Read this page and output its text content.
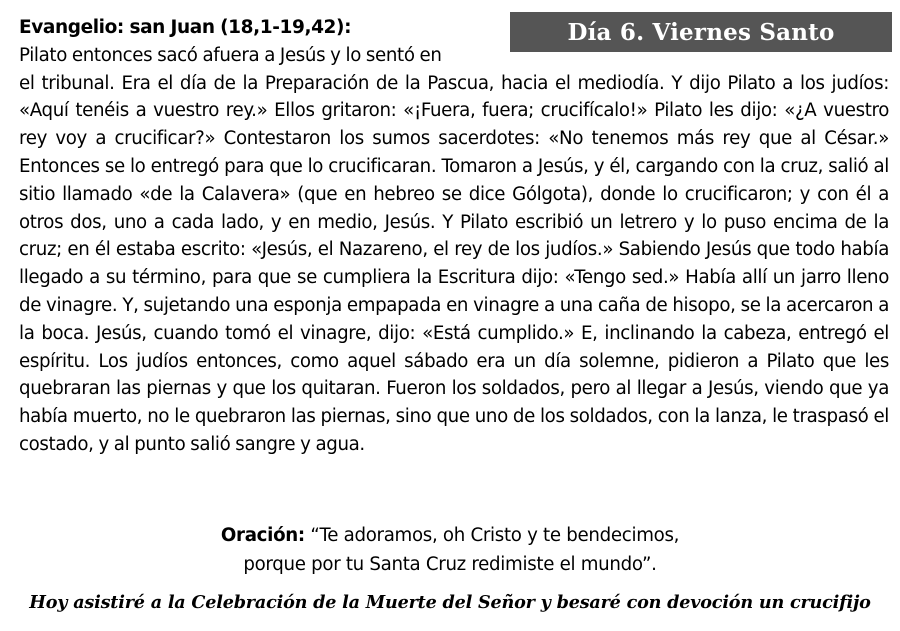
Día 6. Viernes Santo
Evangelio: san Juan (18,1-19,42):
Pilato entonces sacó afuera a Jesús y lo sentó en
el tribunal. Era el día de la Preparación de la Pascua, hacia el mediodía. Y dijo Pilato a los judíos: «Aquí tenéis a vuestro rey.» Ellos gritaron: «¡Fuera, fuera; crucifícalo!» Pilato les dijo: «¿A vuestro rey voy a crucificar?» Contestaron los sumos sacerdotes: «No tenemos más rey que al César.» Entonces se lo entregó para que lo crucificaran. Tomaron a Jesús, y él, cargando con la cruz, salió al sitio llamado «de la Calavera» (que en hebreo se dice Gólgota), donde lo crucificaron; y con él a otros dos, uno a cada lado, y en medio, Jesús. Y Pilato escribió un letrero y lo puso encima de la cruz; en él estaba escrito: «Jesús, el Nazareno, el rey de los judíos.» Sabiendo Jesús que todo había llegado a su término, para que se cumpliera la Escritura dijo: «Tengo sed.» Había allí un jarro lleno de vinagre. Y, sujetando una esponja empapada en vinagre a una caña de hisopo, se la acercaron a la boca. Jesús, cuando tomó el vinagre, dijo: «Está cumplido.» E, inclinando la cabeza, entregó el espíritu. Los judíos entonces, como aquel sábado era un día solemne, pidieron a Pilato que les quebraran las piernas y que los quitaran. Fueron los soldados, pero al llegar a Jesús, viendo que ya había muerto, no le quebraron las piernas, sino que uno de los soldados, con la lanza, le traspasó el costado, y al punto salió sangre y agua.
Oración: “Te adoramos, oh Cristo y te bendecimos,
porque por tu Santa Cruz redimiste el mundo”.
Hoy asistiré a la Celebración de la Muerte del Señor y besaré con devoción un crucifijo
